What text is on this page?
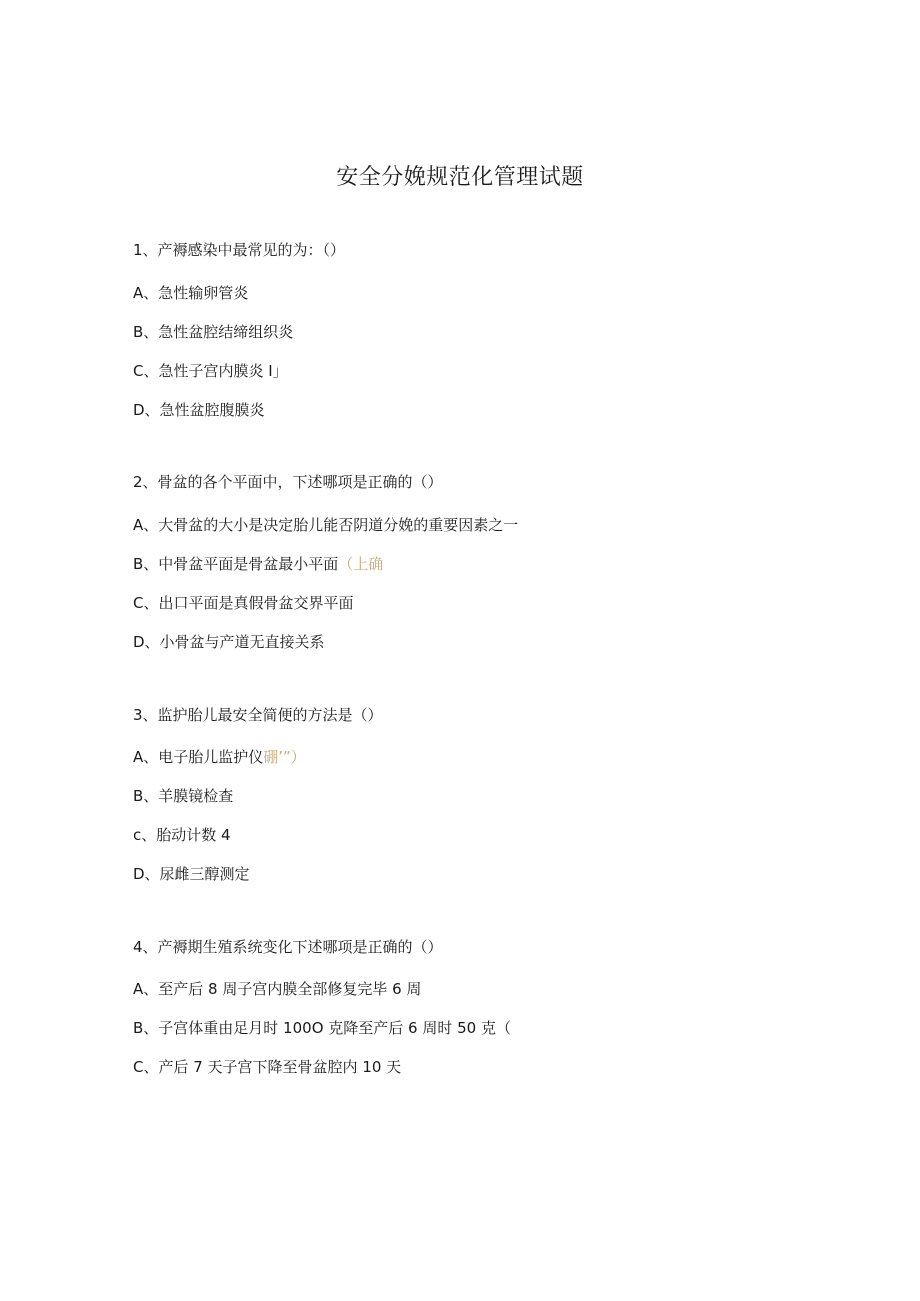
安全分娩规范化管理试题
1、产褥感染中最常见的为：（）
A、急性输卵管炎
B、急性盆腔结缔组织炎
C、急性子宫内膜炎 I」
D、急性盆腔腹膜炎
2、骨盆的各个平面中，下述哪项是正确的（）
A、大骨盆的大小是决定胎儿能否阴道分娩的重要因素之一
B、中骨盆平面是骨盆最小平面（上确
C、出口平面是真假骨盆交界平面
D、小骨盆与产道无直接关系
3、监护胎儿最安全简便的方法是（）
A、电子胎儿监护仪硼’”）
B、羊膜镜检查
c、胎动计数 4
D、尿雌三醇测定
4、产褥期生殖系统变化下述哪项是正确的（）
A、至产后 8 周子宫内膜全部修复完毕 6 周
B、子宫体重由足月时 100O 克降至产后 6 周时 50 克（
C、产后 7 天子宫下降至骨盆腔内 10 天
